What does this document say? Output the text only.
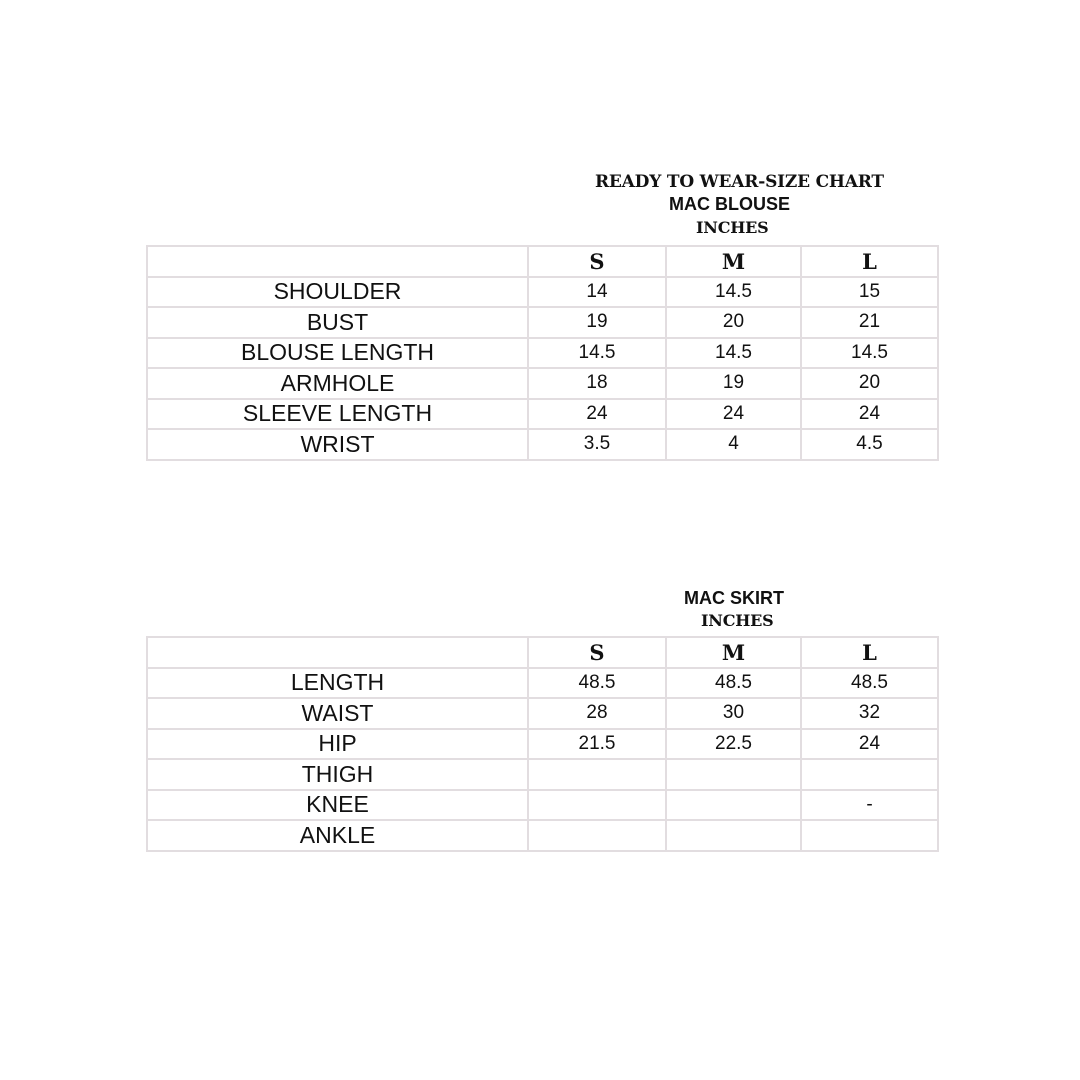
READY TO WEAR-SIZE CHART
MAC BLOUSE
INCHES
	S	M	L
SHOULDER	14	14.5	15
BUST	19	20	21
BLOUSE LENGTH	14.5	14.5	14.5
ARMHOLE	18	19	20
SLEEVE LENGTH	24	24	24
WRIST	3.5	4	4.5
MAC SKIRT
INCHES
	S	M	L
LENGTH	48.5	48.5	48.5
WAIST	28	30	32
HIP	21.5	22.5	24
THIGH			
KNEE			-
ANKLE			
